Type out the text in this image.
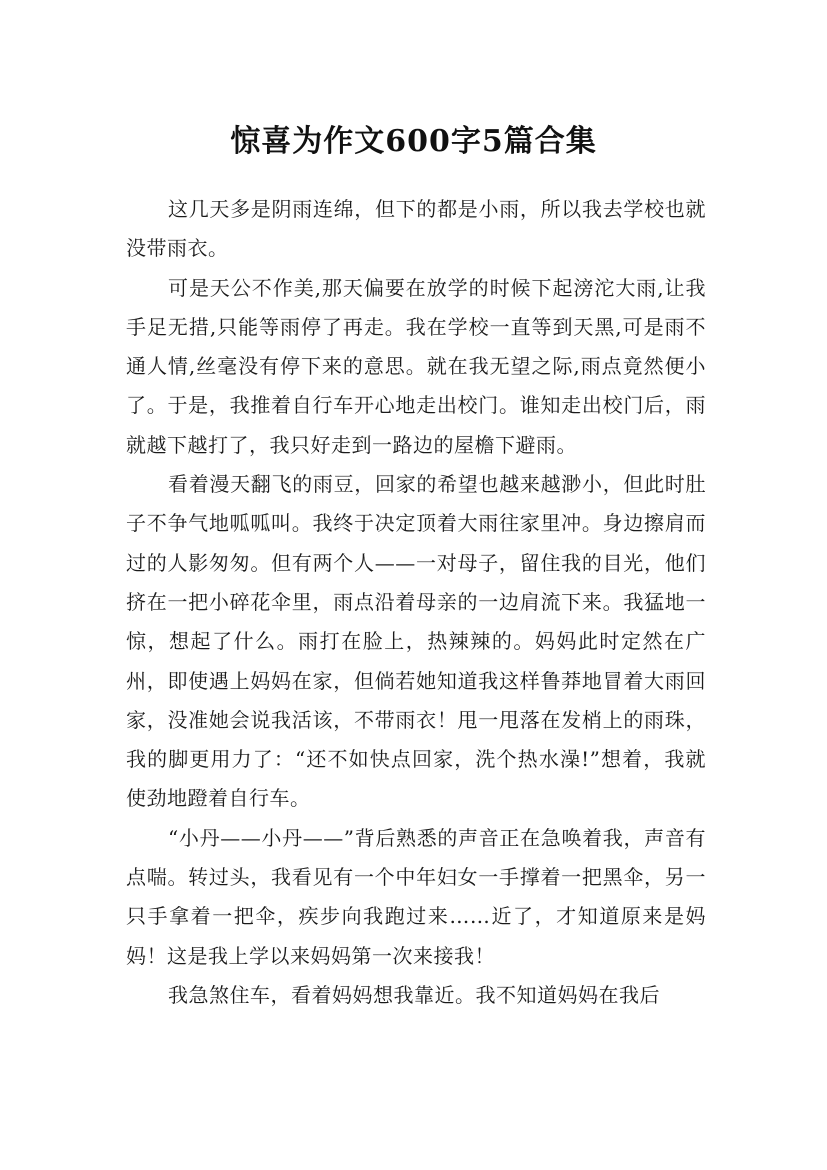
惊喜为作文600字5篇合集

这几天多是阴雨连绵，但下的都是小雨，所以我去学校也就没带雨衣。

可是天公不作美,那天偏要在放学的时候下起滂沱大雨,让我手足无措,只能等雨停了再走。我在学校一直等到天黑,可是雨不通人情,丝毫没有停下来的意思。就在我无望之际,雨点竟然便小了。于是，我推着自行车开心地走出校门。谁知走出校门后，雨就越下越打了，我只好走到一路边的屋檐下避雨。

看着漫天翻飞的雨豆，回家的希望也越来越渺小，但此时肚子不争气地呱呱叫。我终于决定顶着大雨往家里冲。身边擦肩而过的人影匆匆。但有两个人——一对母子，留住我的目光，他们挤在一把小碎花伞里，雨点沿着母亲的一边肩流下来。我猛地一惊，想起了什么。雨打在脸上，热辣辣的。妈妈此时定然在广州，即使遇上妈妈在家，但倘若她知道我这样鲁莽地冒着大雨回家，没准她会说我活该，不带雨衣！甩一甩落在发梢上的雨珠，我的脚更用力了：“还不如快点回家，洗个热水澡!”想着，我就使劲地蹬着自行车。

“小丹——小丹——”背后熟悉的声音正在急唤着我，声音有点喘。转过头，我看见有一个中年妇女一手撑着一把黑伞，另一只手拿着一把伞，疾步向我跑过来……近了，才知道原来是妈妈！这是我上学以来妈妈第一次来接我！

我急煞住车，看着妈妈想我靠近。我不知道妈妈在我后
